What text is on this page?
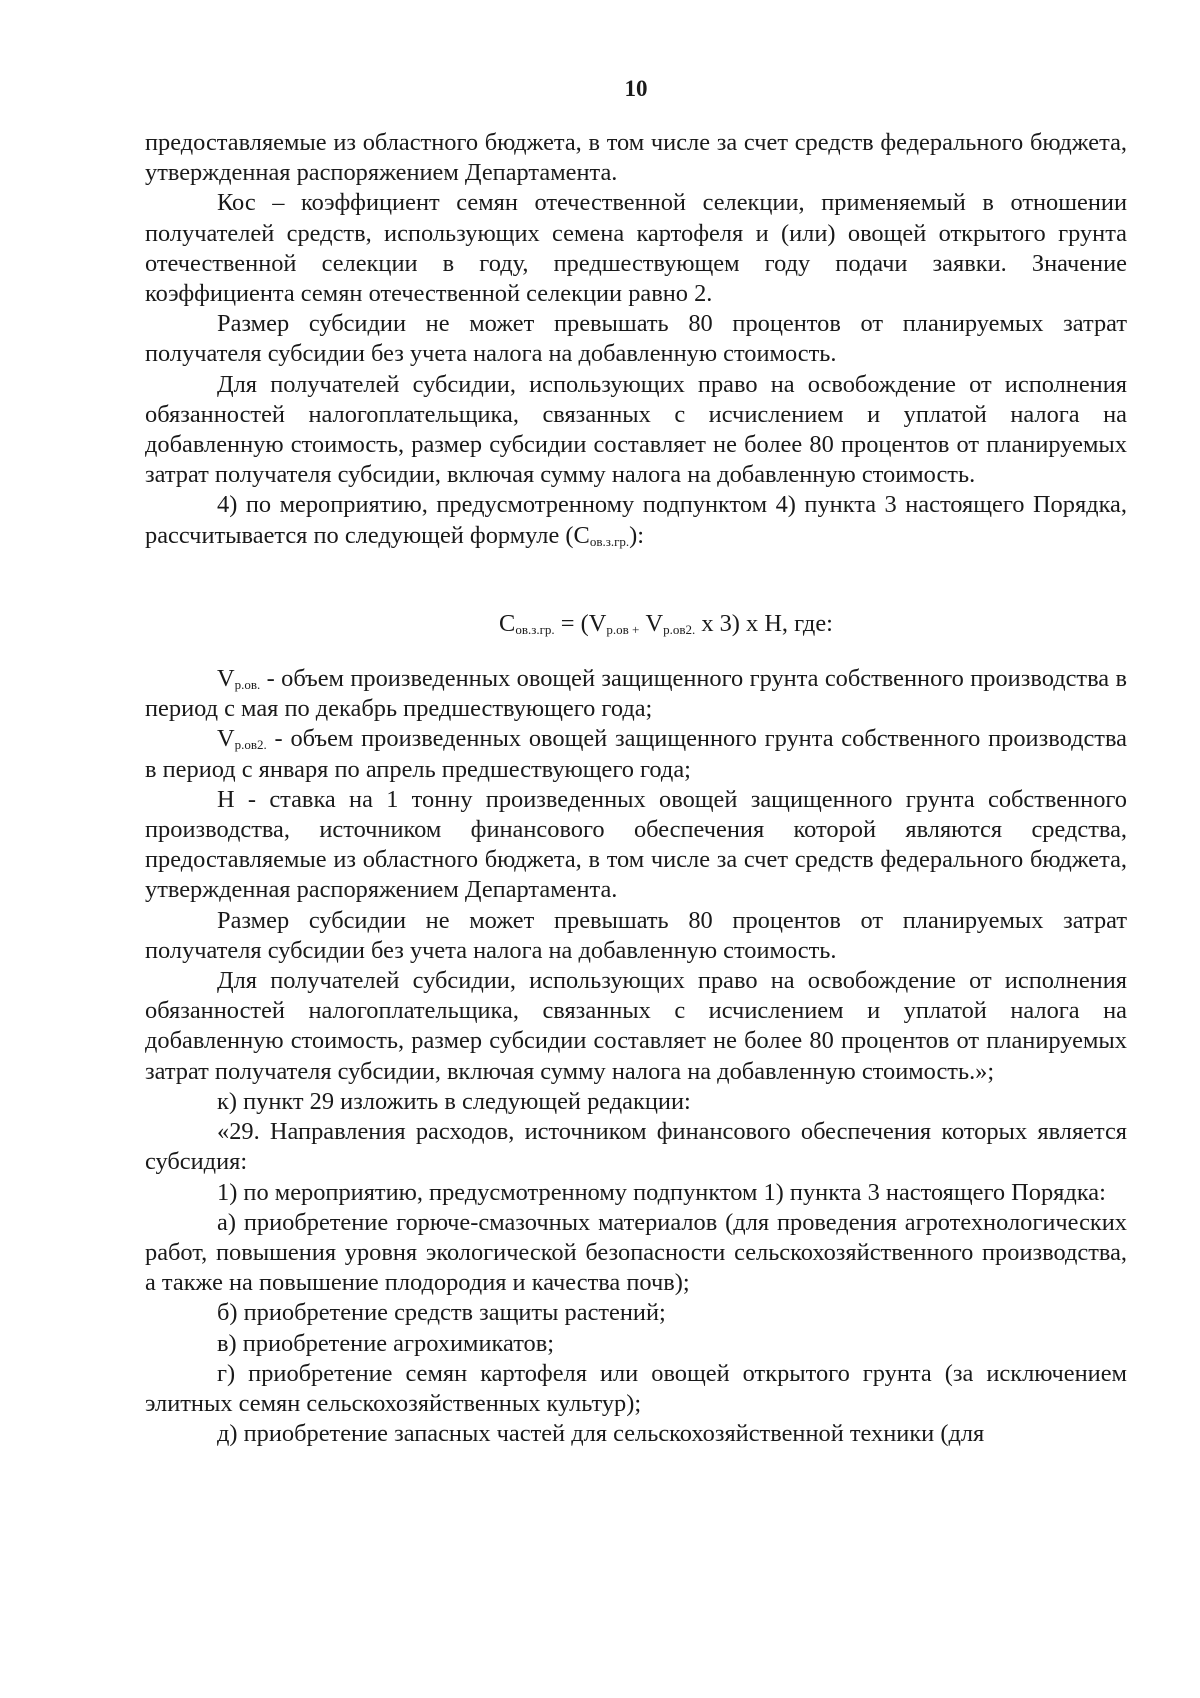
10

предоставляемые из областного бюджета, в том числе за счет средств федерального бюджета, утвержденная распоряжением Департамента.

Кос – коэффициент семян отечественной селекции, применяемый в отношении получателей средств, использующих семена картофеля и (или) овощей открытого грунта отечественной селекции в году, предшествующем году подачи заявки. Значение коэффициента семян отечественной селекции равно 2.

Размер субсидии не может превышать 80 процентов от планируемых затрат получателя субсидии без учета налога на добавленную стоимость.

Для получателей субсидии, использующих право на освобождение от исполнения обязанностей налогоплательщика, связанных с исчислением и уплатой налога на добавленную стоимость, размер субсидии составляет не более 80 процентов от планируемых затрат получателя субсидии, включая сумму налога на добавленную стоимость.

4) по мероприятию, предусмотренному подпунктом 4) пункта 3 настоящего Порядка, рассчитывается по следующей формуле $(С_{ов.з.гр.})$:

$С_{ов.з.гр.} = (V_{р.ов +}$ $V_{р.ов2.}$ х 3) х Н, где:

$V_{р.ов.}$ - объем произведенных овощей защищенного грунта собственного производства в период с мая по декабрь предшествующего года;

$V_{р.ов2.}$ - объем произведенных овощей защищенного грунта собственного производства в период с января по апрель предшествующего года;

Н - ставка на 1 тонну произведенных овощей защищенного грунта собственного производства, источником финансового обеспечения которой являются средства, предоставляемые из областного бюджета, в том числе за счет средств федерального бюджета, утвержденная распоряжением Департамента.

Размер субсидии не может превышать 80 процентов от планируемых затрат получателя субсидии без учета налога на добавленную стоимость.

Для получателей субсидии, использующих право на освобождение от исполнения обязанностей налогоплательщика, связанных с исчислением и уплатой налога на добавленную стоимость, размер субсидии составляет не более 80 процентов от планируемых затрат получателя субсидии, включая сумму налога на добавленную стоимость.»;

к) пункт 29 изложить в следующей редакции:

«29. Направления расходов, источником финансового обеспечения которых является субсидия:

1) по мероприятию, предусмотренному подпунктом 1) пункта 3 настоящего Порядка:

а) приобретение горюче-смазочных материалов (для проведения агротехнологических работ, повышения уровня экологической безопасности сельскохозяйственного производства, а также на повышение плодородия и качества почв);

б) приобретение средств защиты растений;

в) приобретение агрохимикатов;

г) приобретение семян картофеля или овощей открытого грунта (за исключением элитных семян сельскохозяйственных культур);

д) приобретение запасных частей для сельскохозяйственной техники (для
